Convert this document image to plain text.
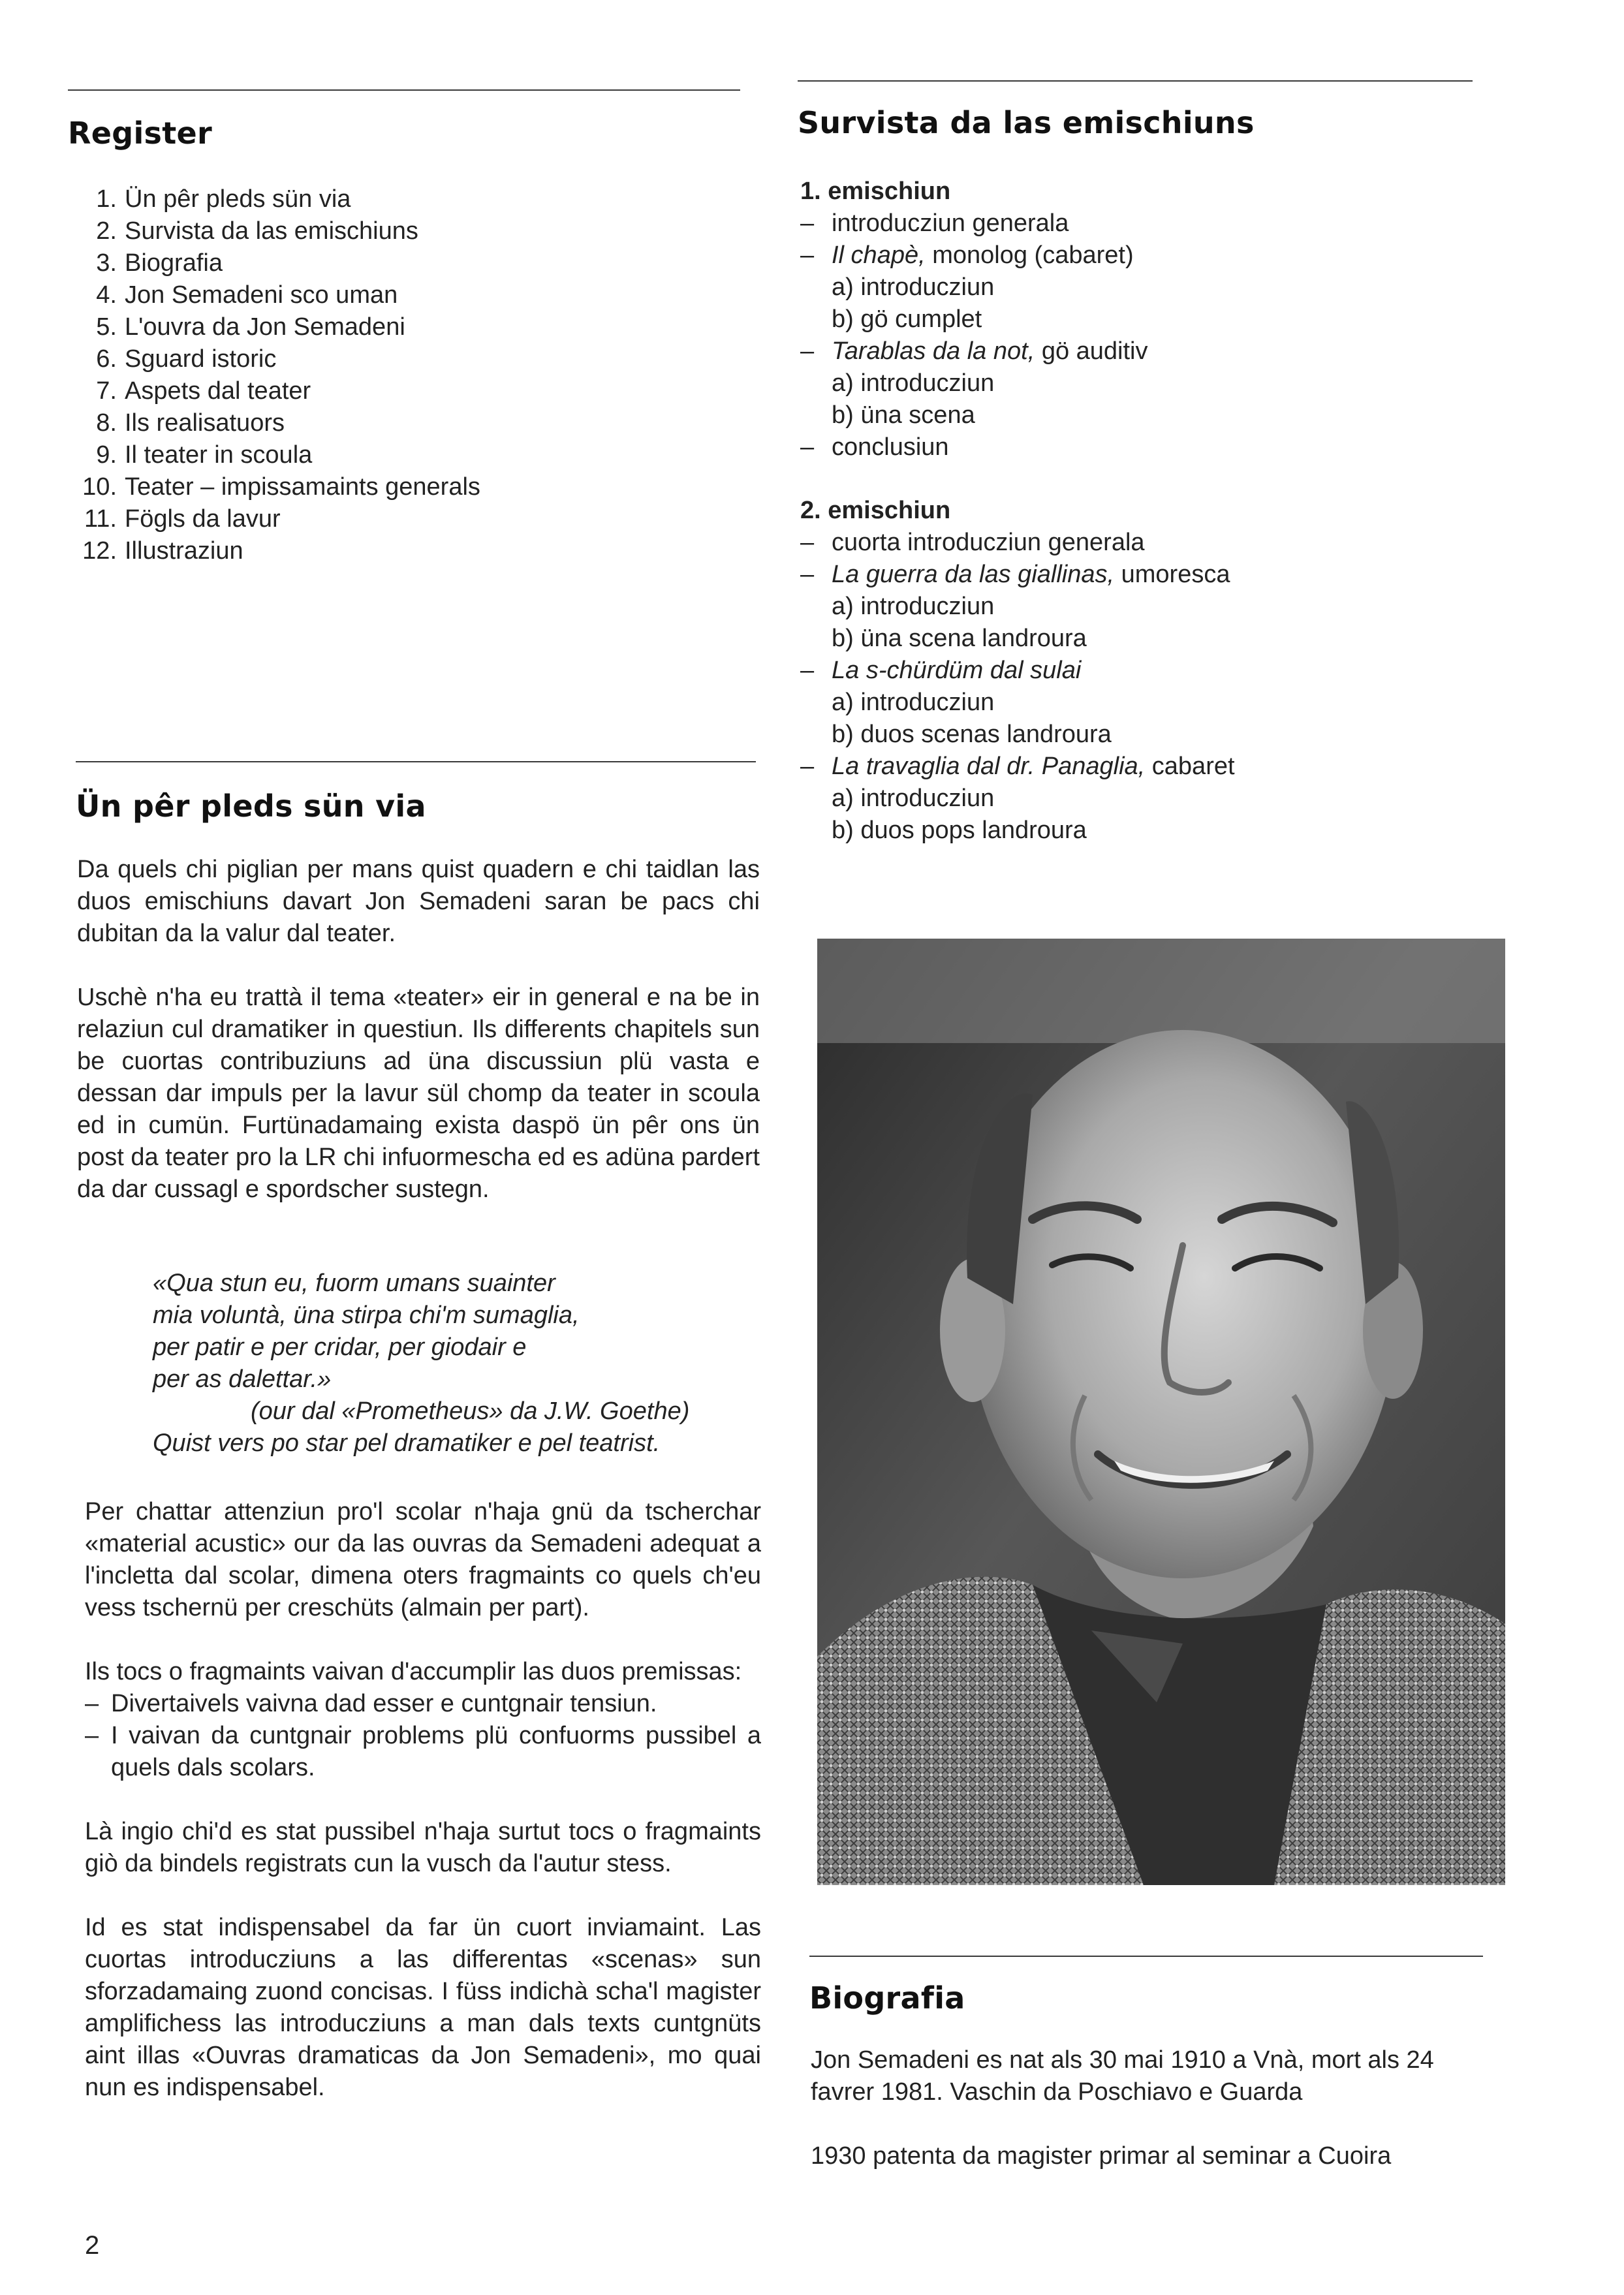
Register
1. Ün pêr pleds sün via
2. Survista da las emischiuns
3. Biografia
4. Jon Semadeni sco uman
5. L'ouvra da Jon Semadeni
6. Sguard istoric
7. Aspets dal teater
8. Ils realisatuors
9. Il teater in scoula
10. Teater – impissamaints generals
11. Fögls da lavur
12. Illustraziun
Ün pêr pleds sün via

Da quels chi piglian per mans quist quadern e chi taidlan las duos emischiuns davart Jon Semadeni saran be pacs chi dubitan da la valur dal teater.

Uschè n'ha eu trattà il tema «teater» eir in general e na be in relaziun cul dramatiker in questiun. Ils differents chapitels sun be cuortas contribuziuns ad üna discussiun plü vasta e dessan dar impuls per la lavur sül chomp da teater in scoula ed in cumün. Furtünadamaing exista daspö ün pêr ons ün post da teater pro la LR chi infuormescha ed es adüna pardert da dar cussagl e spordscher sustegn.

«Qua stun eu, fuorm umans suainter
mia voluntà, üna stirpa chi'm sumaglia,
per patir e per cridar, per giodair e
per as dalettar.»
(our dal «Prometheus» da J.W. Goethe)
Quist vers po star pel dramatiker e pel teatrist.

Per chattar attenziun pro'l scolar n'haja gnü da tscherchar «material acustic» our da las ouvras da Semadeni adequat a l'incletta dal scolar, dimena oters fragmaints co quels ch'eu vess tschernü per creschüts (almain per part).

Ils tocs o fragmaints vaivan d'accumplir las duos premissas:
– Divertaivels vaivna dad esser e cuntgnair tensiun.
– I vaivan da cuntgnair problems plü confuorms pussibel a quels dals scolars.

Là ingio chi'd es stat pussibel n'haja surtut tocs o fragmaints giò da bindels registrats cun la vusch da l'autur stess.

Id es stat indispensabel da far ün cuort inviamaint. Las cuortas introducziuns a las differentas «scenas» sun sforzadamaing zuond concisas. I füss indichà scha'l magister amplifichess las introducziuns a man dals texts cuntgnüts aint illas «Ouvras dramaticas da Jon Semadeni», mo quai nun es indispensabel.

Survista da las emischiuns
1. emischiun
– introducziun generala
– Il chapè, monolog (cabaret)
a) introducziun
b) gö cumplet
– Tarablas da la not, gö auditiv
a) introducziun
b) üna scena
– conclusiun
2. emischiun
– cuorta introducziun generala
– La guerra da las giallinas, umoresca
a) introducziun
b) üna scena landroura
– La s-chürdüm dal sulai
a) introducziun
b) duos scenas landroura
– La travaglia dal dr. Panaglia, cabaret
a) introducziun
b) duos pops landroura
Biografia

Jon Semadeni es nat als 30 mai 1910 a Vnà, mort als 24 favrer 1981. Vaschin da Poschiavo e Guarda

1930 patenta da magister primar al seminar a Cuoira

2
